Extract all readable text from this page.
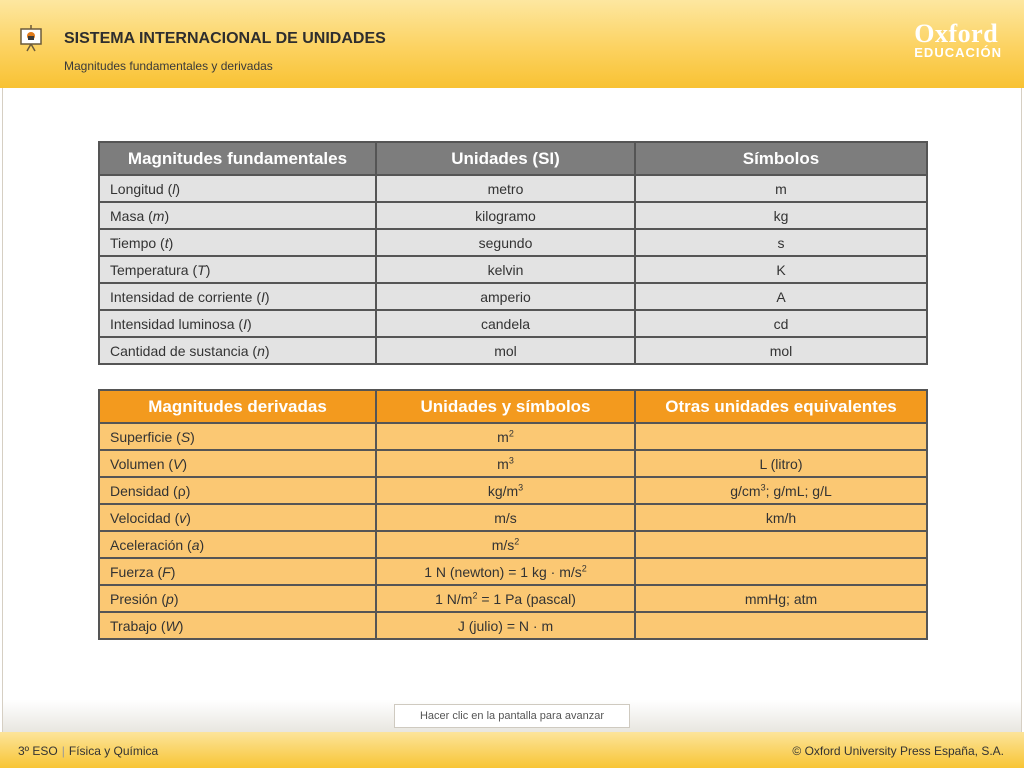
SISTEMA INTERNACIONAL DE UNIDADES
Magnitudes fundamentales y derivadas
Oxford
EDUCACIÓN
Magnitudes fundamentales	Unidades (SI)	Símbolos
Longitud (l)	metro	m
Masa (m)	kilogramo	kg
Tiempo (t)	segundo	s
Temperatura (T)	kelvin	K
Intensidad de corriente (I)	amperio	A
Intensidad luminosa (I)	candela	cd
Cantidad de sustancia (n)	mol	mol
Magnitudes derivadas	Unidades y símbolos	Otras unidades equivalentes
Superficie (S)	$m^2$	
Volumen (V)	$m^3$	L (litro)
Densidad (ρ)	$kg/m^3$	$g/cm^3$; g/mL; g/L
Velocidad (v)	m/s	km/h
Aceleración (a)	$m/s^2$	
Fuerza (F)	1 N (newton) = 1 kg · $m/s^2$	
Presión (p)	1 $N/m^2 = 1$ Pa (pascal)	mmHg; atm
Trabajo (W)	J (julio) = N · m	
Hacer clic en la pantalla para avanzar
3º ESO | Física y Química	© Oxford University Press España, S.A.
